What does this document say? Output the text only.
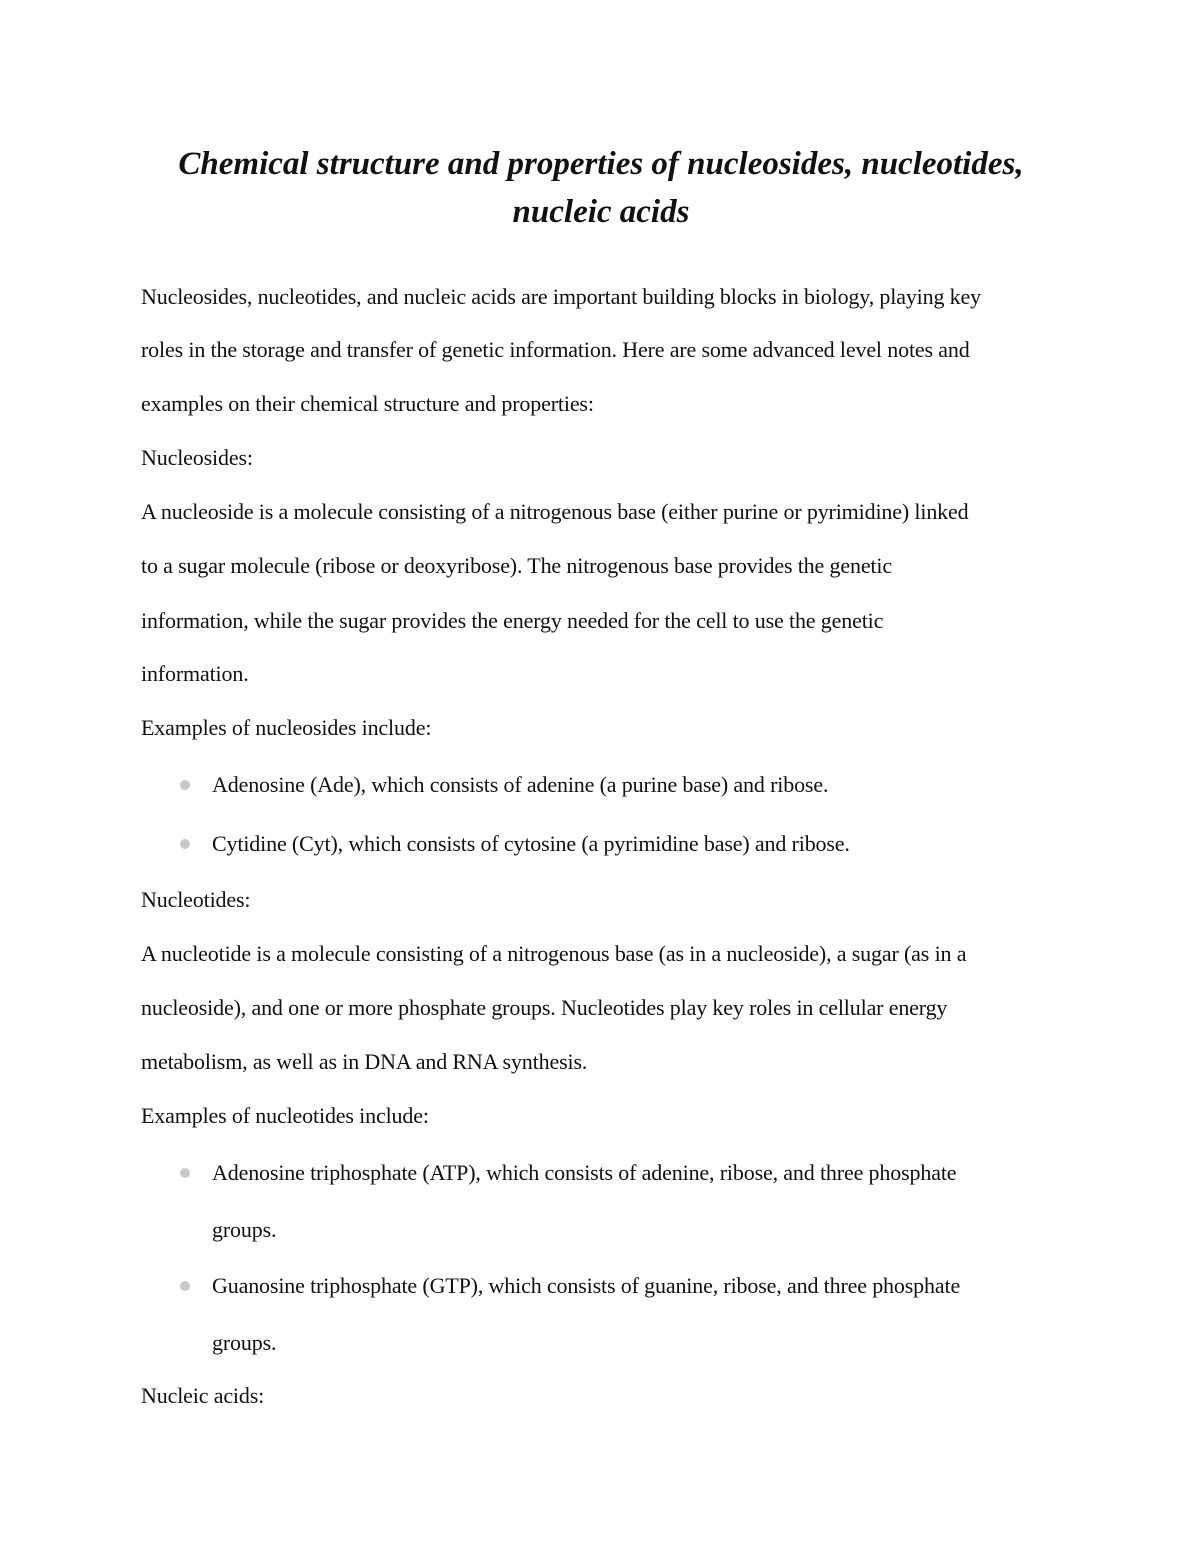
Chemical structure and properties of nucleosides, nucleotides,
nucleic acids
Nucleosides, nucleotides, and nucleic acids are important building blocks in biology, playing key
roles in the storage and transfer of genetic information. Here are some advanced level notes and
examples on their chemical structure and properties:
Nucleosides:
A nucleoside is a molecule consisting of a nitrogenous base (either purine or pyrimidine) linked
to a sugar molecule (ribose or deoxyribose). The nitrogenous base provides the genetic
information, while the sugar provides the energy needed for the cell to use the genetic
information.
Examples of nucleosides include:
Adenosine (Ade), which consists of adenine (a purine base) and ribose.
Cytidine (Cyt), which consists of cytosine (a pyrimidine base) and ribose.
Nucleotides:
A nucleotide is a molecule consisting of a nitrogenous base (as in a nucleoside), a sugar (as in a
nucleoside), and one or more phosphate groups. Nucleotides play key roles in cellular energy
metabolism, as well as in DNA and RNA synthesis.
Examples of nucleotides include:
Adenosine triphosphate (ATP), which consists of adenine, ribose, and three phosphate
groups.
Guanosine triphosphate (GTP), which consists of guanine, ribose, and three phosphate
groups.
Nucleic acids:
